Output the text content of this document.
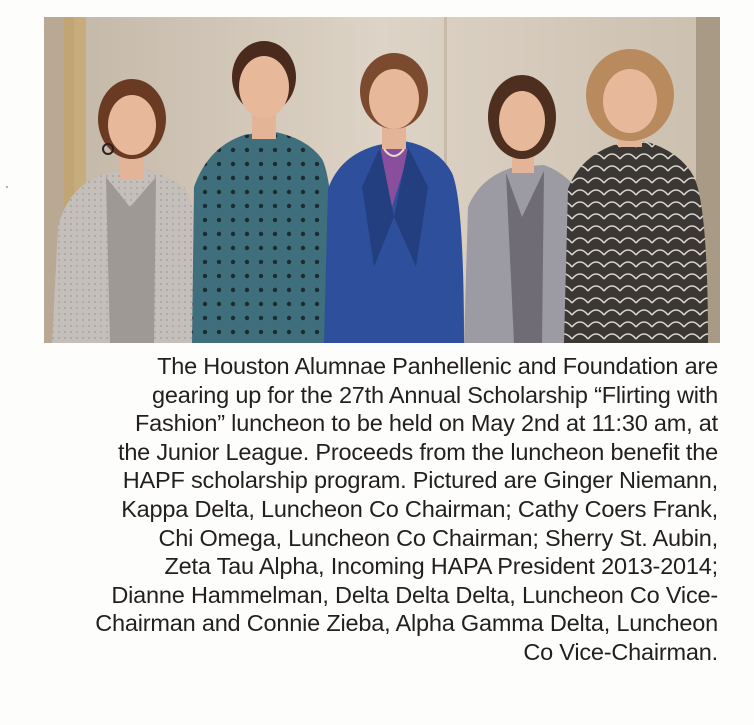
The Houston Alumnae Panhellenic and Foundation are
gearing up for the 27th Annual Scholarship “Flirting with
Fashion” luncheon to be held on May 2nd at 11:30 am, at
the Junior League. Proceeds from the luncheon benefit the
HAPF scholarship program. Pictured are Ginger Niemann,
Kappa Delta, Luncheon Co Chairman; Cathy Coers Frank,
Chi Omega, Luncheon Co Chairman; Sherry St. Aubin,
Zeta Tau Alpha, Incoming HAPA President 2013-2014;
Dianne Hammelman, Delta Delta Delta, Luncheon Co Vice-
Chairman and Connie Zieba, Alpha Gamma Delta, Luncheon
Co Vice-Chairman.
